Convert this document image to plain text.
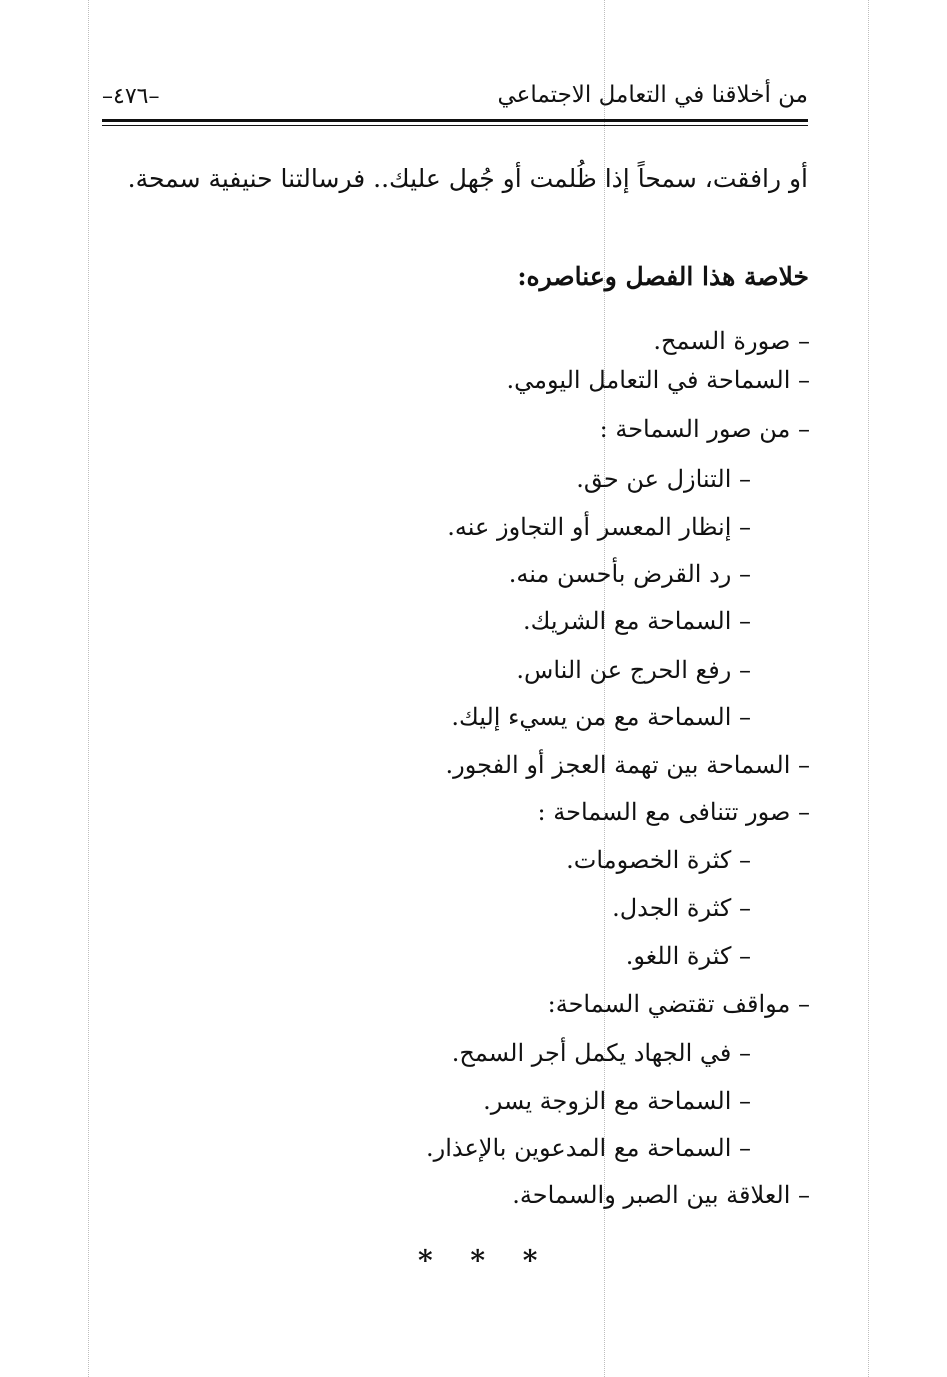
من أخلاقنا في التعامل الاجتماعي
–٤٧٦–
أو رافقت، سمحاً إذا ظُلمت أو جُهل عليك.. فرسالتنا حنيفية سمحة.
خلاصة هذا الفصل وعناصره:
– صورة السمح.
– السماحة في التعامل اليومي.
– من صور السماحة :
– التنازل عن حق.
– إنظار المعسر أو التجاوز عنه.
– رد القرض بأحسن منه.
– السماحة مع الشريك.
– رفع الحرج عن الناس.
– السماحة مع من يسيء إليك.
– السماحة بين تهمة العجز أو الفجور.
– صور تتنافى مع السماحة :
– كثرة الخصومات.
– كثرة الجدل.
– كثرة اللغو.
– مواقف تقتضي السماحة:
– في الجهاد يكمل أجر السمح.
– السماحة مع الزوجة يسر.
– السماحة مع المدعوين بالإعذار.
– العلاقة بين الصبر والسماحة.
* * *
